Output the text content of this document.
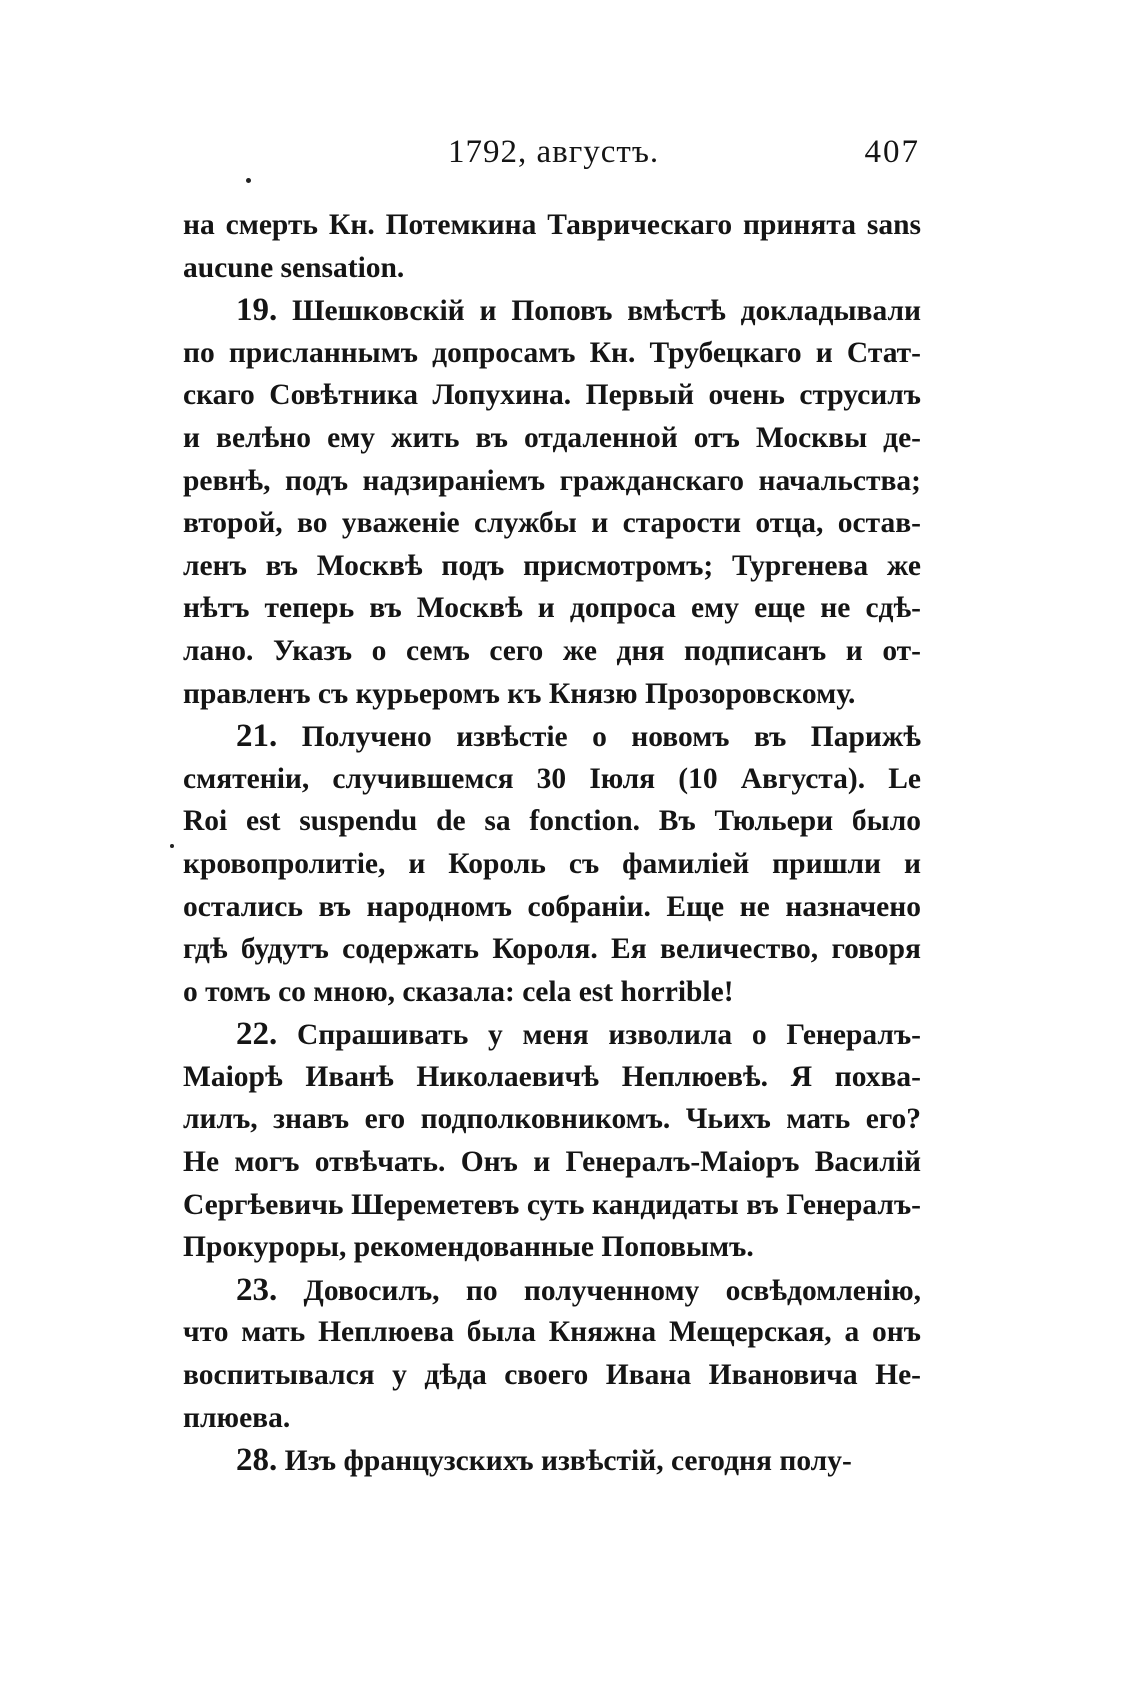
1792, августъ.	407
на смерть Кн. Потемкина Таврическаго принята sans
aucune sensation.
19. Шешковскій и Поповъ вмѣстѣ докладывали
по присланнымъ допросамъ Кн. Трубецкаго и Стат-
скаго Совѣтника Лопухина. Первый очень струсилъ
и велѣно ему жить въ отдаленной отъ Москвы де-
ревнѣ, подъ надзираніемъ гражданскаго начальства;
второй, во уваженіе службы и старости отца, остав-
ленъ въ Москвѣ подъ присмотромъ; Тургенева же
нѣтъ теперь въ Москвѣ и допроса ему еще не сдѣ-
лано. Указъ о семъ сего же дня подписанъ и от-
правленъ съ курьеромъ къ Князю Прозоровскому.
21. Получено извѣстіе о новомъ въ Парижѣ
смятеніи, случившемся 30 Іюля (10 Августа). Le
Roi est suspendu de sa fonction. Въ Тюльери было
кровопролитіе, и Король съ фамиліей пришли и
остались въ народномъ собраніи. Еще не назначено
гдѣ будутъ содержать Короля. Ея величество, говоря
о томъ со мною, сказала: cela est horrible!
22. Спрашивать у меня изволила о Генералъ-
Маіорѣ Иванѣ Николаевичѣ Неплюевѣ. Я похва-
лилъ, знавъ его подполковникомъ. Чьихъ мать его?
Не могъ отвѣчать. Онъ и Генералъ-Маіоръ Василій
Сергѣевичь Шереметевъ суть кандидаты въ Генералъ-
Прокуроры, рекомендованные Поповымъ.
23. Довосилъ, по полученному освѣдомленію,
что мать Неплюева была Княжна Мещерская, а онъ
воспитывался у дѣда своего Ивана Ивановича Не-
плюева.
28. Изъ французскихъ извѣстій, сегодня полу-
